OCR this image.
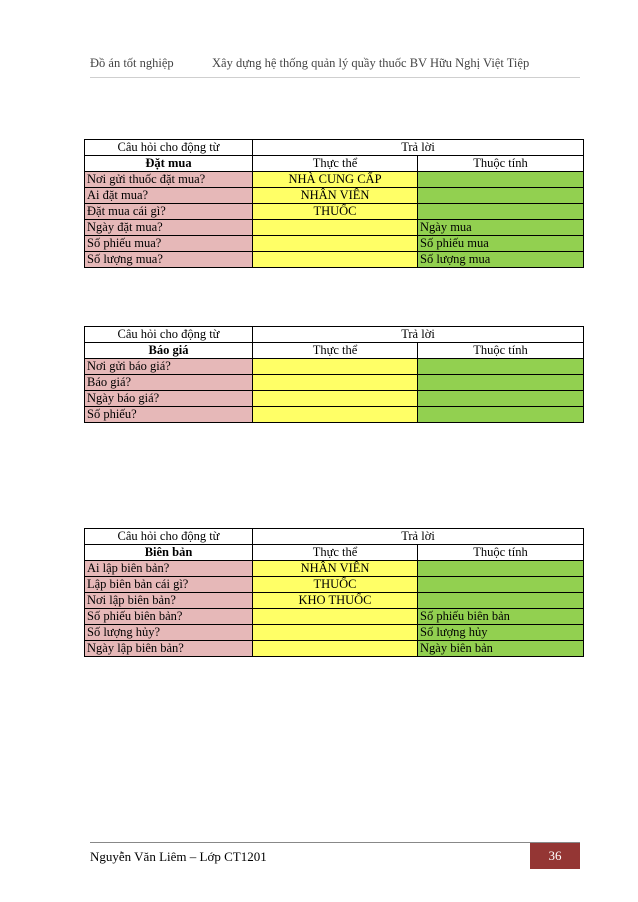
Đồ án tốt nghiệp	Xây dựng hệ thống quản lý quầy thuốc BV Hữu Nghị Việt Tiệp
Câu hỏi cho động từ	Trả lời	
Đặt mua	Thực thể	Thuộc tính
Nơi gửi thuốc đặt mua?	NHÀ CUNG CẤP	
Ai đặt mua?	NHÂN VIÊN	
Đặt mua cái gì?	THUỐC	
Ngày đặt mua?		Ngày mua
Số phiếu mua?		Số phiếu mua
Số lượng mua?		Số lượng mua
Câu hỏi cho động từ	Trả lời	
Báo giá	Thực thể	Thuộc tính
Nơi gửi báo giá?		
Báo giá?		
Ngày báo giá?		
Số phiếu?		
Câu hỏi cho động từ	Trả lời	
Biên bản	Thực thể	Thuộc tính
Ai lập biên bản?	NHÂN VIÊN	
Lập biên bản cái gì?	THUỐC	
Nơi lập biên bản?	KHO THUỐC	
Số phiếu biên bản?		Số phiếu biên bản
Số lượng hủy?		Số lượng hủy
Ngày lập biên bản?		Ngày biên bản
Nguyễn Văn Liêm – Lớp CT1201	36
